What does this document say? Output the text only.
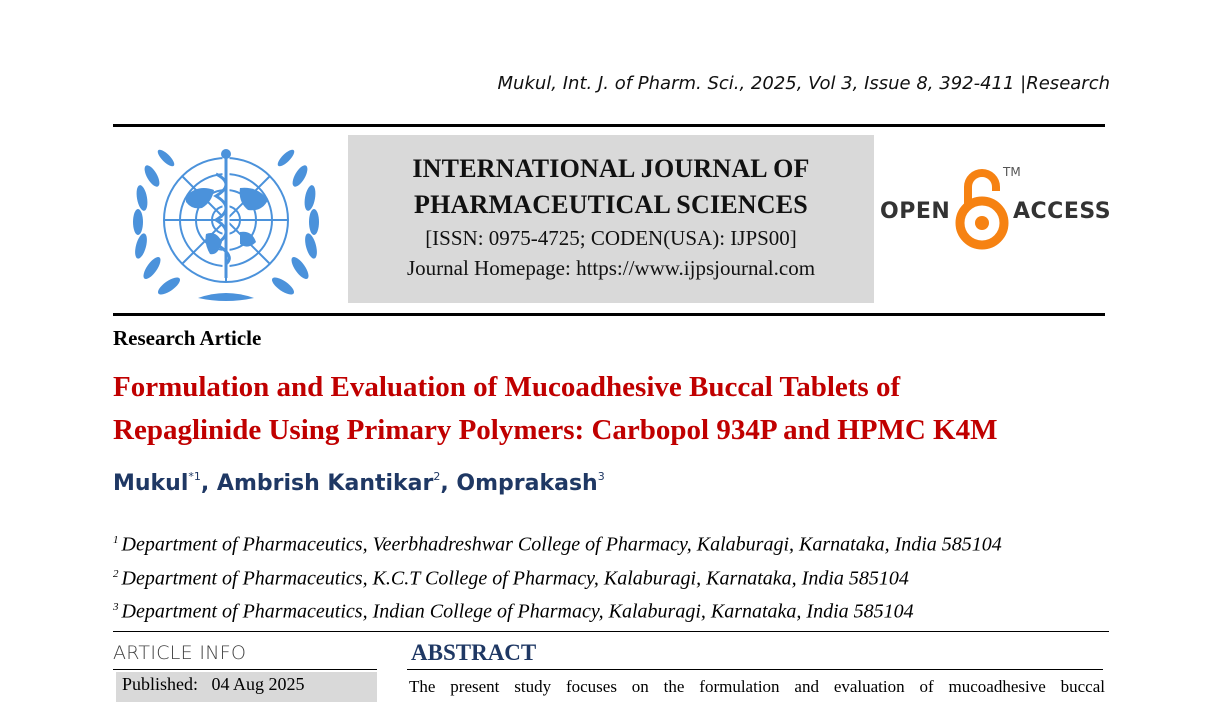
Mukul, Int. J. of Pharm. Sci., 2025, Vol 3, Issue 8, 392-411 |Research
INTERNATIONAL JOURNAL OF
PHARMACEUTICAL SCIENCES
[ISSN: 0975-4725; CODEN(USA): IJPS00]
Journal Homepage: https://www.ijpsjournal.com
OPEN
TM
ACCESS
Research Article
Formulation and Evaluation of Mucoadhesive Buccal Tablets of
Repaglinide Using Primary Polymers: Carbopol 934P and HPMC K4M
Mukul$^{*1}$, Ambrish Kantikar$^2$, Omprakash$^3$
$^1$ Department of Pharmaceutics, Veerbhadreshwar College of Pharmacy, Kalaburagi, Karnataka, India 585104
$^2$ Department of Pharmaceutics, K.C.T College of Pharmacy, Kalaburagi, Karnataka, India 585104
$^3$ Department of Pharmaceutics, Indian College of Pharmacy, Kalaburagi, Karnataka, India 585104
ARTICLE INFO
Published: 04 Aug 2025
ABSTRACT
The present study focuses on the formulation and evaluation of mucoadhesive buccal
